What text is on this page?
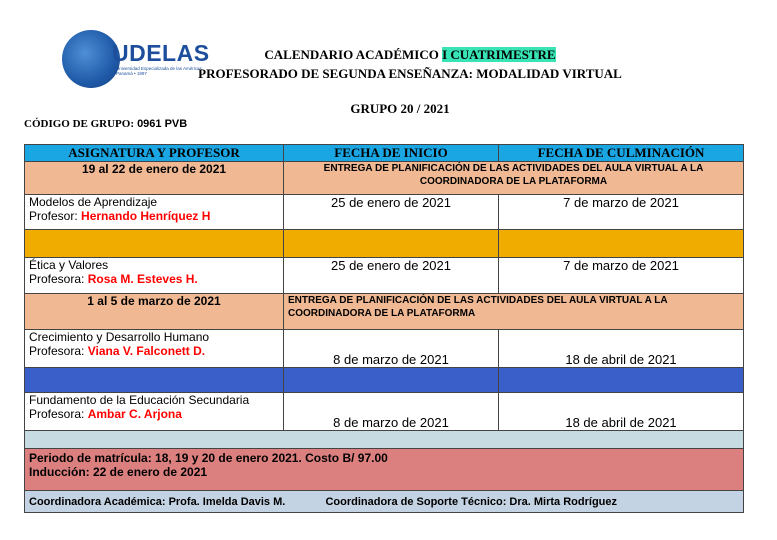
UDELAS
Universidad Especializada de las Américas
Panamá • 1997
CALENDARIO ACADÉMICO I CUATRIMESTRE
PROFESORADO DE SEGUNDA ENSEÑANZA: MODALIDAD VIRTUAL
GRUPO 20 / 2021
CÓDIGO DE GRUPO: 0961 PVB
ASIGNATURA Y PROFESOR	FECHA DE INICIO	FECHA DE CULMINACIÓN
19 al 22 de enero de 2021	ENTREGA DE PLANIFICACIÓN DE LAS ACTIVIDADES DEL AULA VIRTUAL A LA COORDINADORA DE LA PLATAFORMA	

Modelos de Aprendizaje
Profesor: Hernando Henríquez H	25 de enero de 2021	7 de marzo de 2021

Ética y Valores
Profesora: Rosa M. Esteves H.	25 de enero de 2021	7 de marzo de 2021
1 al 5 de marzo de 2021	ENTREGA DE PLANIFICACIÓN DE LAS ACTIVIDADES DEL AULA VIRTUAL A LA COORDINADORA DE LA PLATAFORMA	

Crecimiento y Desarrollo Humano
Profesora: Viana V. Falconett D.	8 de marzo de 2021	18 de abril de 2021

Fundamento de la Educación Secundaria
Profesora: Ambar C. Arjona	8 de marzo de 2021	18 de abril de 2021

Periodo de matrícula: 18, 19 y 20 de enero 2021. Costo B/ 97.00
Inducción: 22 de enero de 2021		

Coordinadora Académica: Profa. Imelda Davis M. Coordinadora de Soporte Técnico: Dra. Mirta Rodríguez		
